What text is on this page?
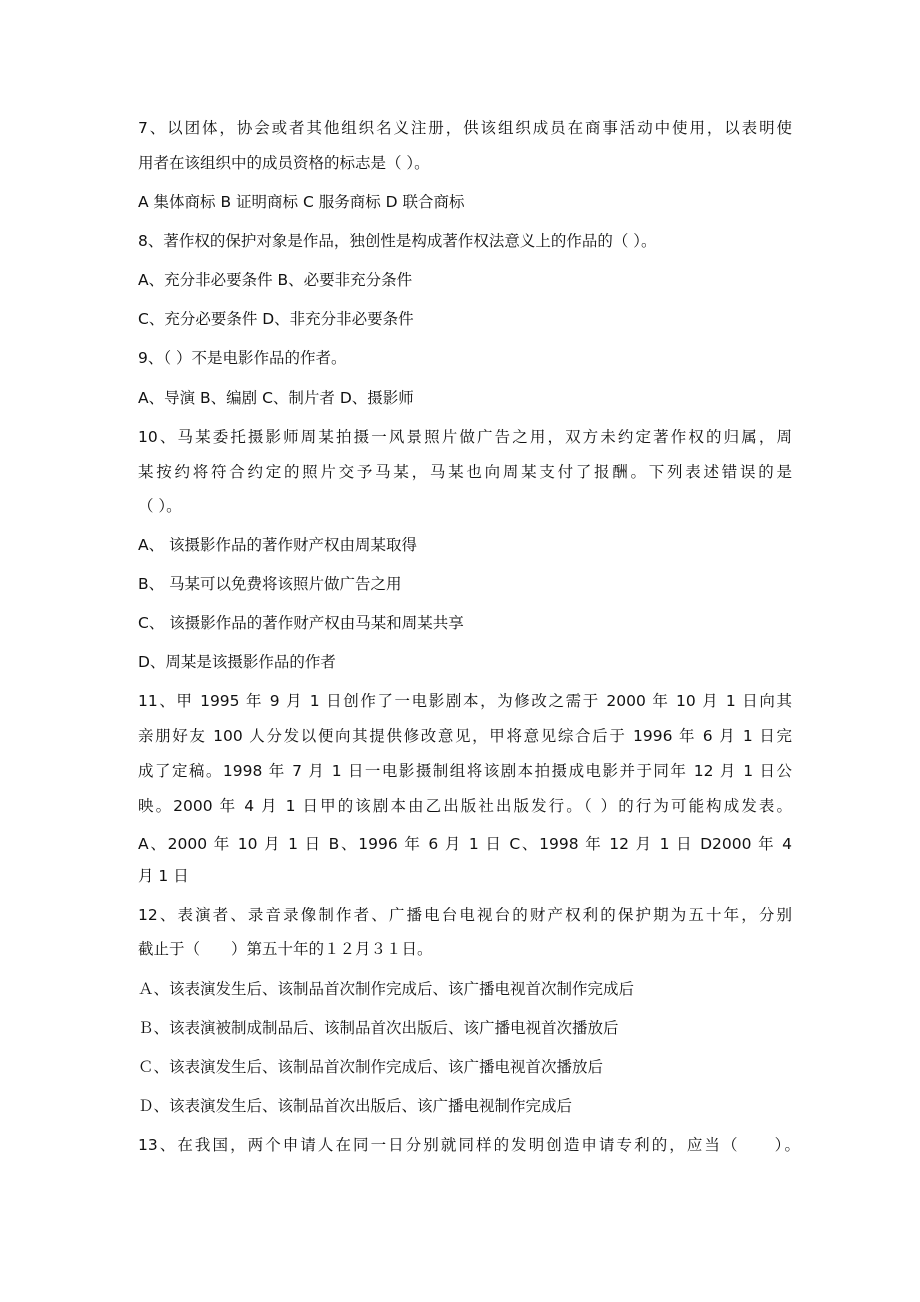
7、以团体，协会或者其他组织名义注册，供该组织成员在商事活动中使用，以表明使
用者在该组织中的成员资格的标志是（ ）。
A 集体商标 B 证明商标 C 服务商标 D 联合商标
8、著作权的保护对象是作品，独创性是构成著作权法意义上的作品的（ ）。
A、充分非必要条件 B、必要非充分条件
C、充分必要条件 D、非充分非必要条件
9、（ ）不是电影作品的作者。
A、导演 B、编剧 C、制片者 D、摄影师
10、马某委托摄影师周某拍摄一风景照片做广告之用，双方未约定著作权的归属，周
某按约将符合约定的照片交予马某，马某也向周某支付了报酬。下列表述错误的是
（ ）。
A、 该摄影作品的著作财产权由周某取得
B、 马某可以免费将该照片做广告之用
C、 该摄影作品的著作财产权由马某和周某共享
D、周某是该摄影作品的作者
11、甲 1995 年 9 月 1 日创作了一电影剧本，为修改之需于 2000 年 10 月 1 日向其
亲朋好友 100 人分发以便向其提供修改意见，甲将意见综合后于 1996 年 6 月 1 日完
成了定稿。1998 年 7 月 1 日一电影摄制组将该剧本拍摄成电影并于同年 12 月 1 日公
映。2000 年 4 月 1 日甲的该剧本由乙出版社出版发行。（ ）的行为可能构成发表。
A、2000 年 10 月 1 日 B、1996 年 6 月 1 日 C、1998 年 12 月 1 日 D2000 年 4
月 1 日
12、表演者、录音录像制作者、广播电台电视台的财产权利的保护期为五十年，分别
截止于（　　）第五十年的１２月３１日。
Ａ、该表演发生后、该制品首次制作完成后、该广播电视首次制作完成后
Ｂ、该表演被制成制品后、该制品首次出版后、该广播电视首次播放后
Ｃ、该表演发生后、该制品首次制作完成后、该广播电视首次播放后
Ｄ、该表演发生后、该制品首次出版后、该广播电视制作完成后
13、在我国，两个申请人在同一日分别就同样的发明创造申请专利的，应当（　　）。
